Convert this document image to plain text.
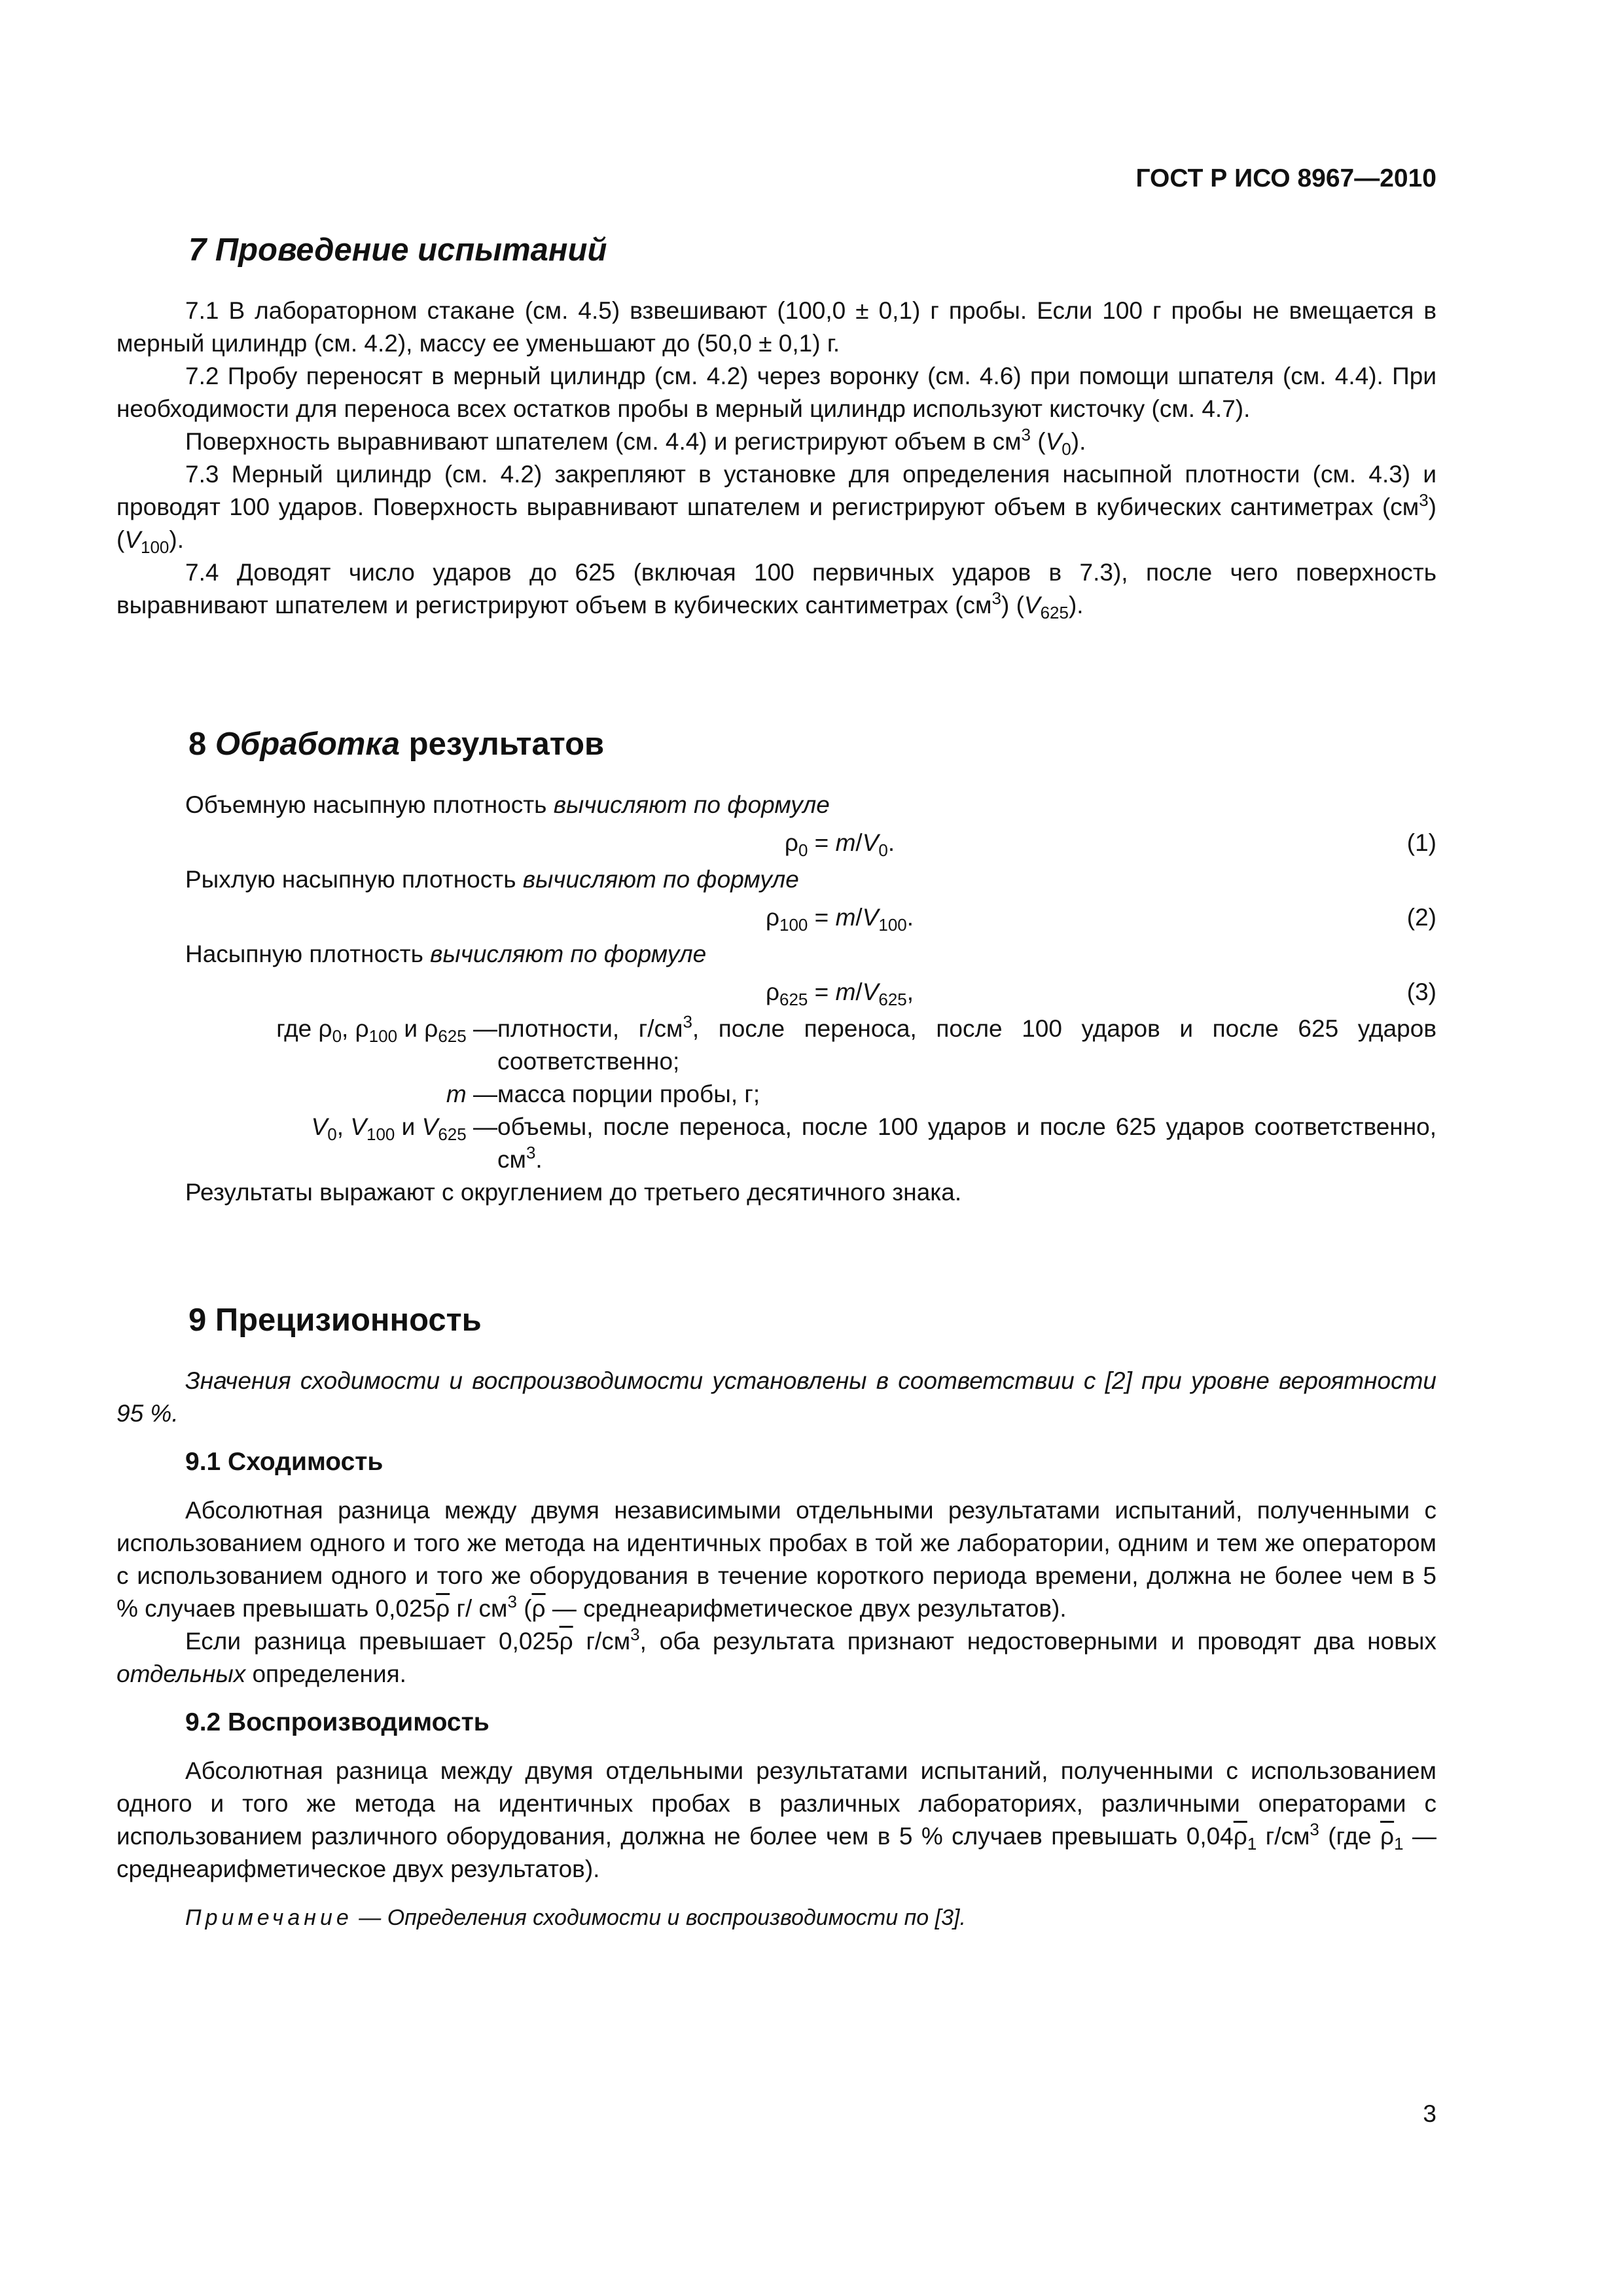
ГОСТ Р ИСО 8967—2010
7 Проведение испытаний

7.1 В лабораторном стакане (см. 4.5) взвешивают (100,0 ± 0,1) г пробы. Если 100 г пробы не вмещается в мерный цилиндр (см. 4.2), массу ее уменьшают до (50,0 ± 0,1) г.

7.2 Пробу переносят в мерный цилиндр (см. 4.2) через воронку (см. 4.6) при помощи шпателя (см. 4.4). При необходимости для переноса всех остатков пробы в мерный цилиндр используют кисточку (см. 4.7).

Поверхность выравнивают шпателем (см. 4.4) и регистрируют объем в $см^3$ $(V_0)$.

7.3 Мерный цилиндр (см. 4.2) закрепляют в установке для определения насыпной плотности (см. 4.3) и проводят 100 ударов. Поверхность выравнивают шпателем и регистрируют объем в кубических сантиметрах $(см^3)$ $(V_{100})$.

7.4 Доводят число ударов до 625 (включая 100 первичных ударов в 7.3), после чего поверхность выравнивают шпателем и регистрируют объем в кубических сантиметрах $(см^3)$ $(V_{625})$.

8 Обработка результатов

Объемную насыпную плотность вычисляют по формуле

$\rho_0 = m/V_0$.	(1)

Рыхлую насыпную плотность вычисляют по формуле

$\rho_{100} = m/V_{100}$.	(2)

Насыпную плотность вычисляют по формуле

$\rho_{625} = m/V_{625}$,	(3)
где $\rho_0$, $\rho_{100}$ и $\rho_{625}$ — плотности, $г/см^3$, после переноса, после 100 ударов и после 625 ударов соответственно;
m — масса порции пробы, г;
$V_0$, $V_{100}$ и $V_{625}$ — объемы, после переноса, после 100 ударов и после 625 ударов соответственно, $см^3$.

Результаты выражают с округлением до третьего десятичного знака.

9 Прецизионность

Значения сходимости и воспроизводимости установлены в соответствии с [2] при уровне вероятности 95 %.

9.1 Сходимость

Абсолютная разница между двумя независимыми отдельными результатами испытаний, полученными с использованием одного и того же метода на идентичных пробах в той же лаборатории, одним и тем же оператором с использованием одного и того же оборудования в течение короткого периода времени, должна не более чем в 5 % случаев превышать $0,025\overline{\rho}$ г/ $см^3$ ($\overline{\rho}$ — среднеарифметическое двух результатов).

Если разница превышает $0,025\overline{\rho}$ $г/см^3$, оба результата признают недостоверными и проводят два новых отдельных определения.

9.2 Воспроизводимость

Абсолютная разница между двумя отдельными результатами испытаний, полученными с использованием одного и того же метода на идентичных пробах в различных лабораториях, различными операторами с использованием различного оборудования, должна не более чем в 5 % случаев превышать $0,04\overline{\rho}_1$ $г/см^3$ (где $\overline{\rho}_1$ — среднеарифметическое двух результатов).

Примечание — Определения сходимости и воспроизводимости по [3].
3
